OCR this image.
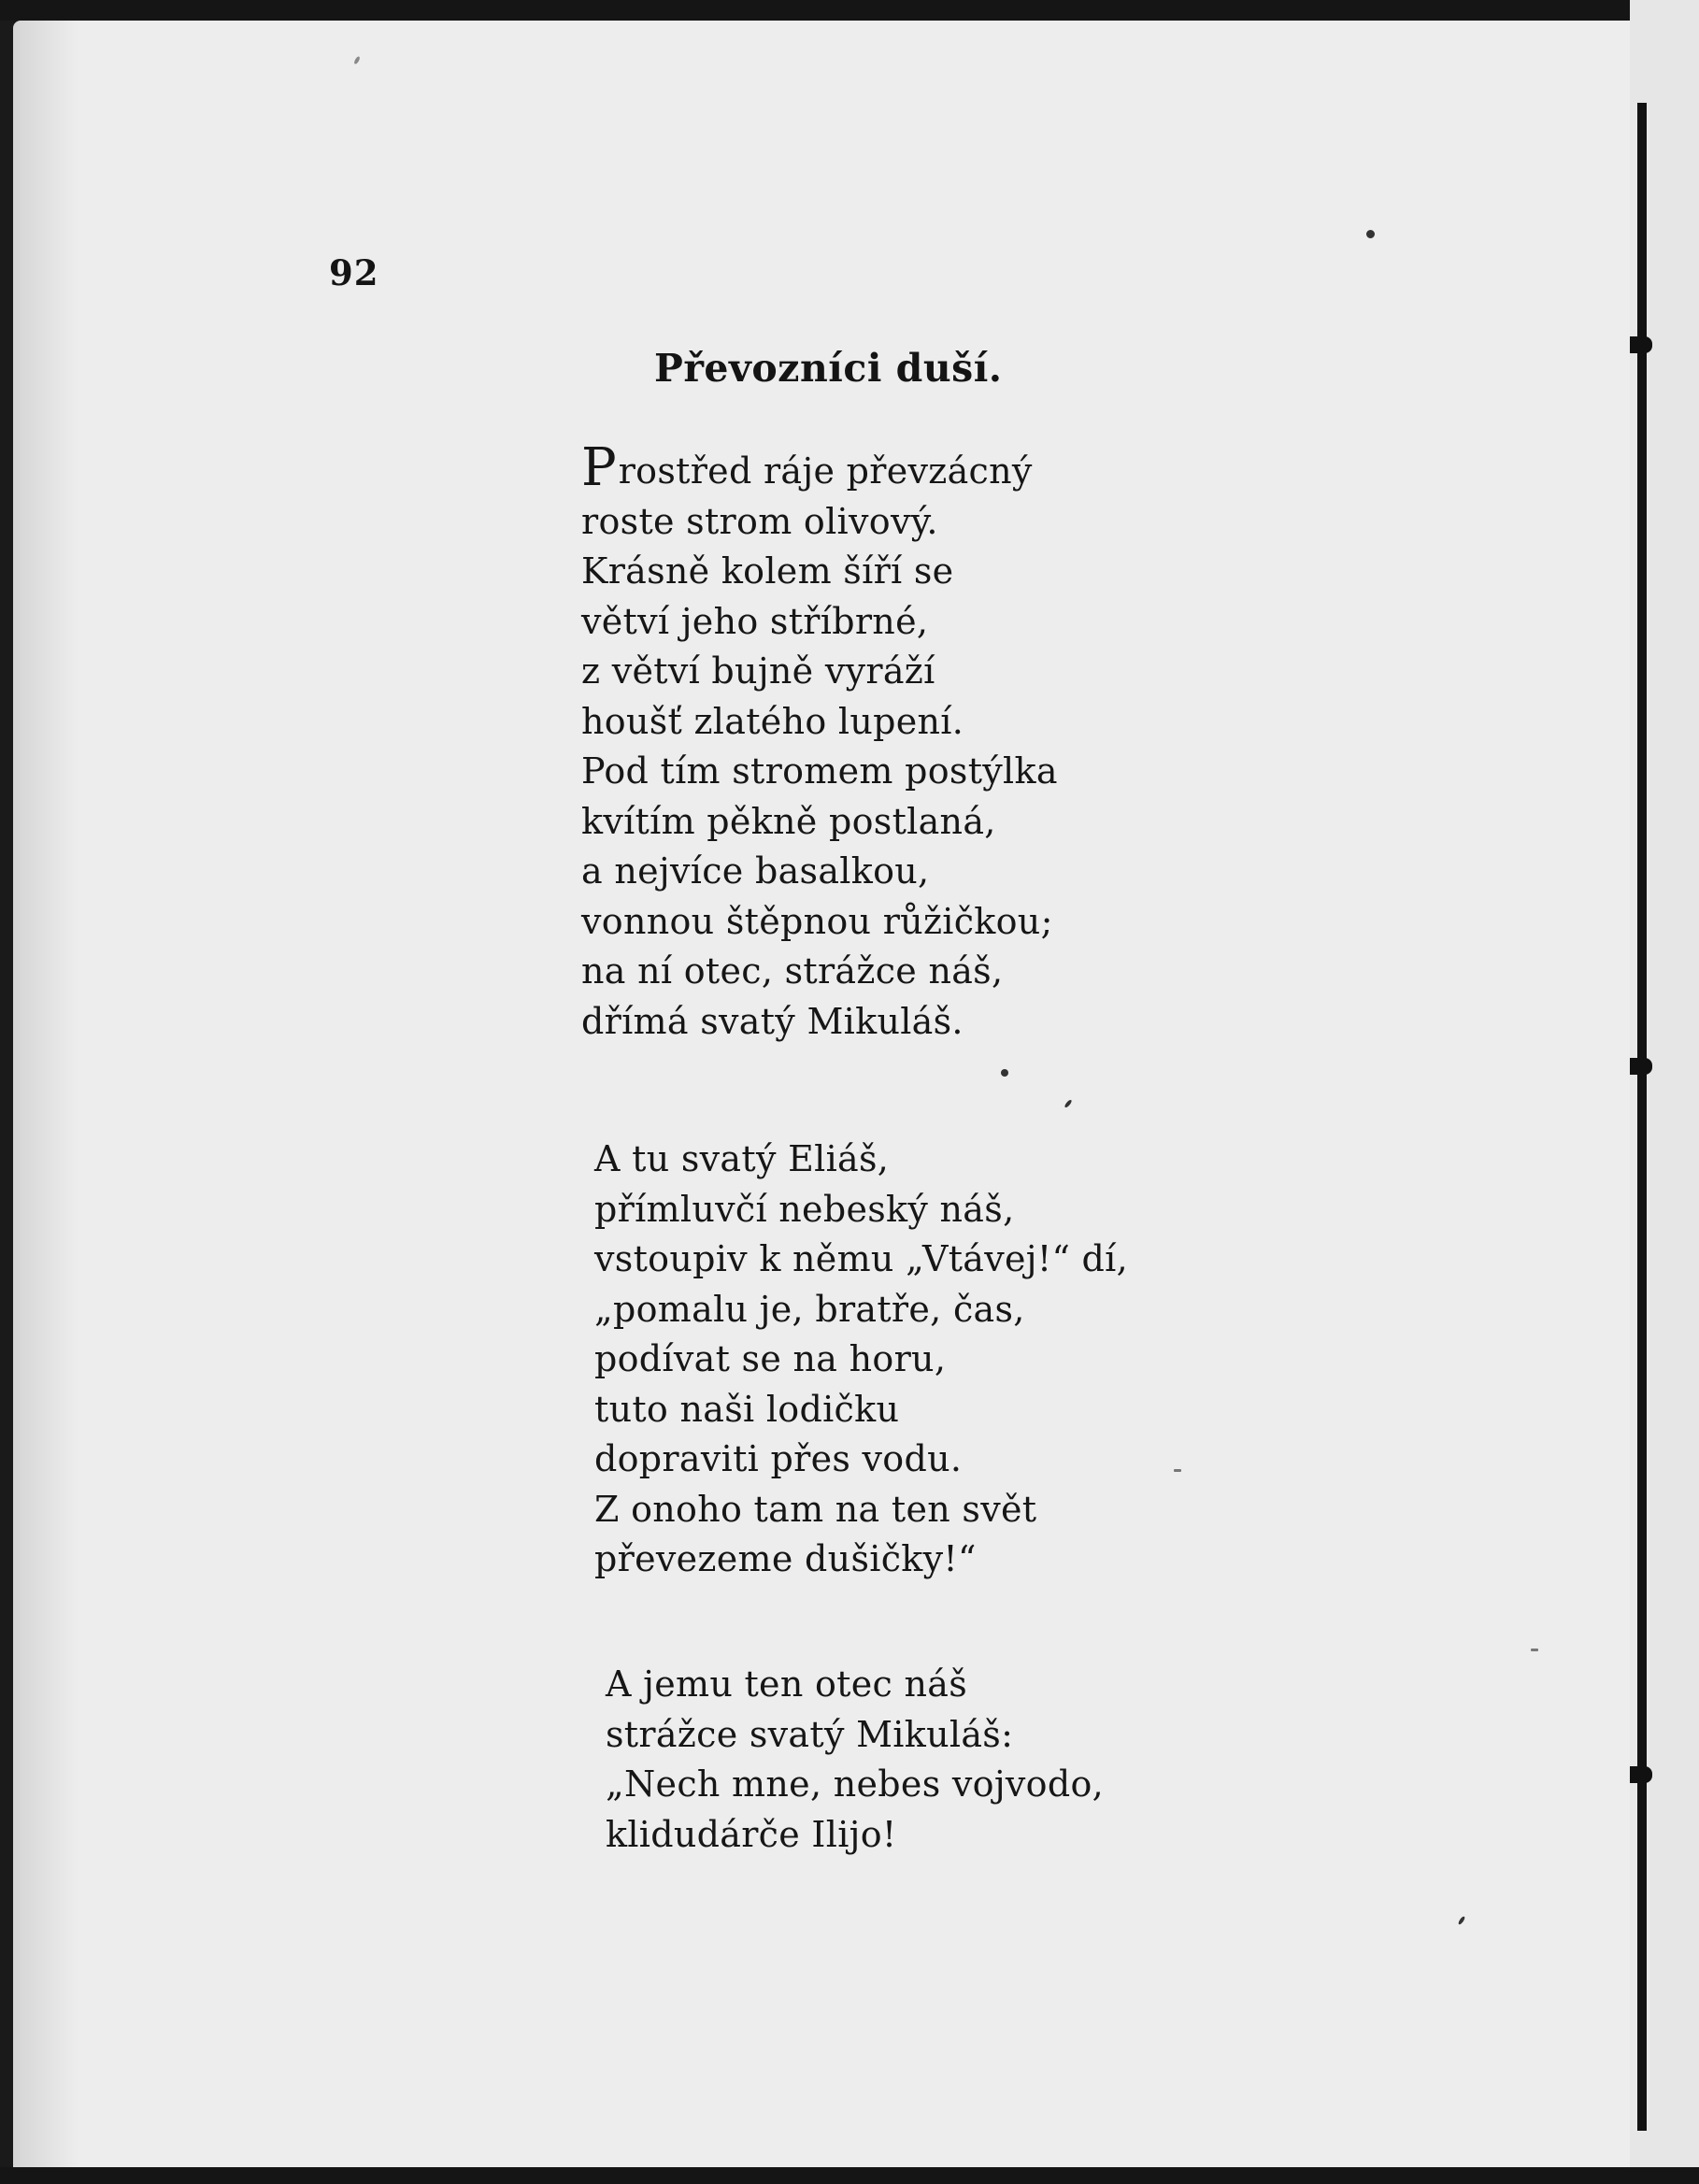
92
Převozníci duší.
Prostřed ráje převzácný
roste strom olivový.
Krásně kolem šíří se
větví jeho stříbrné,
z větví bujně vyráží
houšť zlatého lupení.
Pod tím stromem postýlka
kvítím pěkně postlaná,
a nejvíce basalkou,
vonnou štěpnou růžičkou;
na ní otec, strážce náš,
dřímá svatý Mikuláš.
A tu svatý Eliáš,
přímluvčí nebeský náš,
vstoupiv k němu „Vtávej!“ dí,
„pomalu je, bratře, čas,
podívat se na horu,
tuto naši lodičku
dopraviti přes vodu.
Z onoho tam na ten svět
převezeme dušičky!“
A jemu ten otec náš
strážce svatý Mikuláš:
„Nech mne, nebes vojvodo,
klidudárče Ilijo!
